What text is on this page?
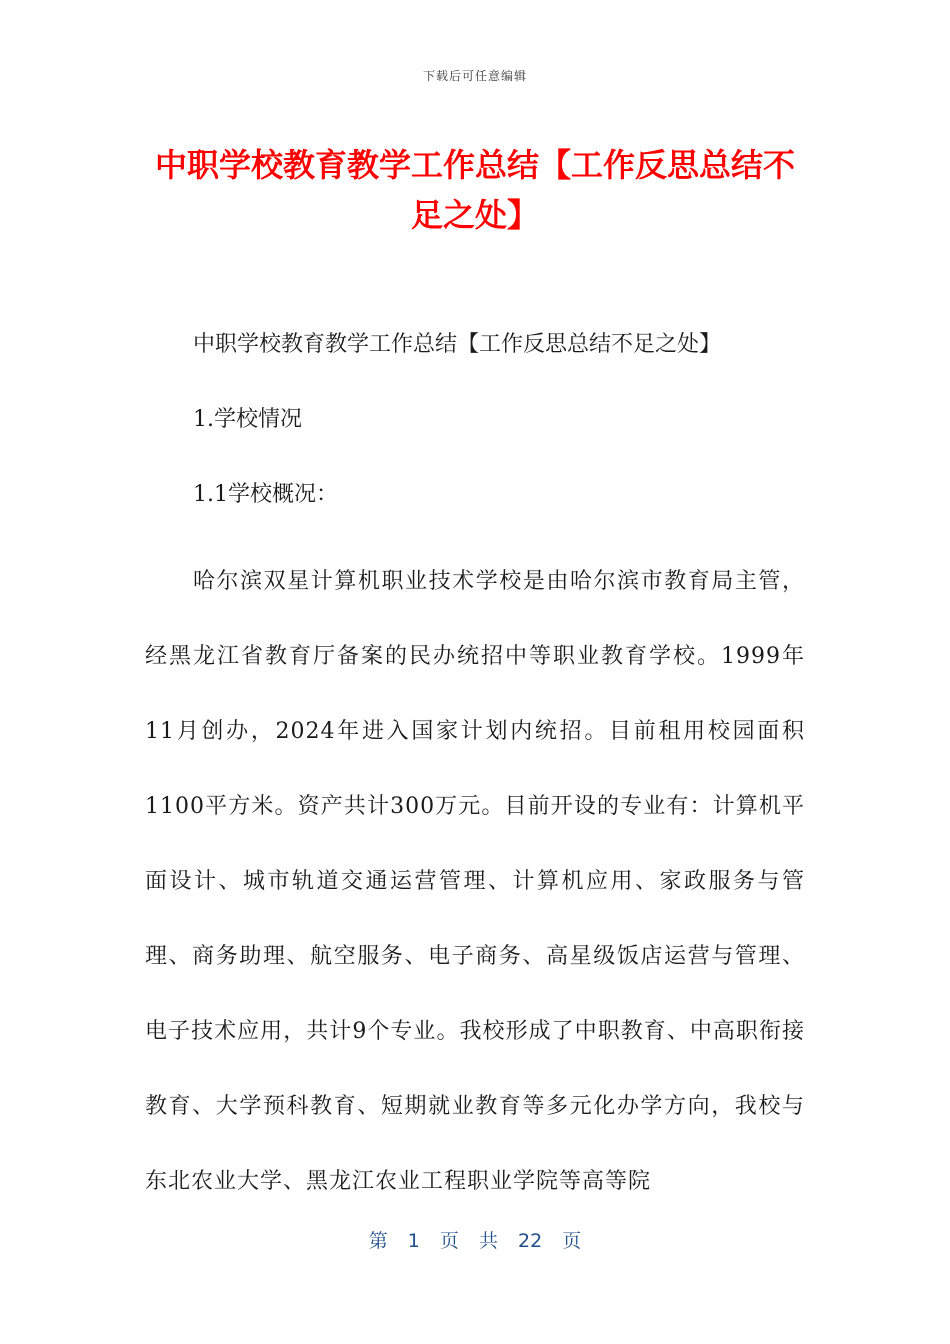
下载后可任意编辑
中职学校教育教学工作总结【工作反思总结不足之处】

中职学校教育教学工作总结【工作反思总结不足之处】

1.学校情况

1.1学校概况：

哈尔滨双星计算机职业技术学校是由哈尔滨市教育局主管，经黑龙江省教育厅备案的民办统招中等职业教育学校。1999年11月创办，2024年进入国家计划内统招。目前租用校园面积1100平方米。资产共计300万元。目前开设的专业有：计算机平面设计、城市轨道交通运营管理、计算机应用、家政服务与管理、商务助理、航空服务、电子商务、高星级饭店运营与管理、电子技术应用，共计9个专业。我校形成了中职教育、中高职衔接教育、大学预科教育、短期就业教育等多元化办学方向，我校与东北农业大学、黑龙江农业工程职业学院等高等院

第 1 页 共 22 页
